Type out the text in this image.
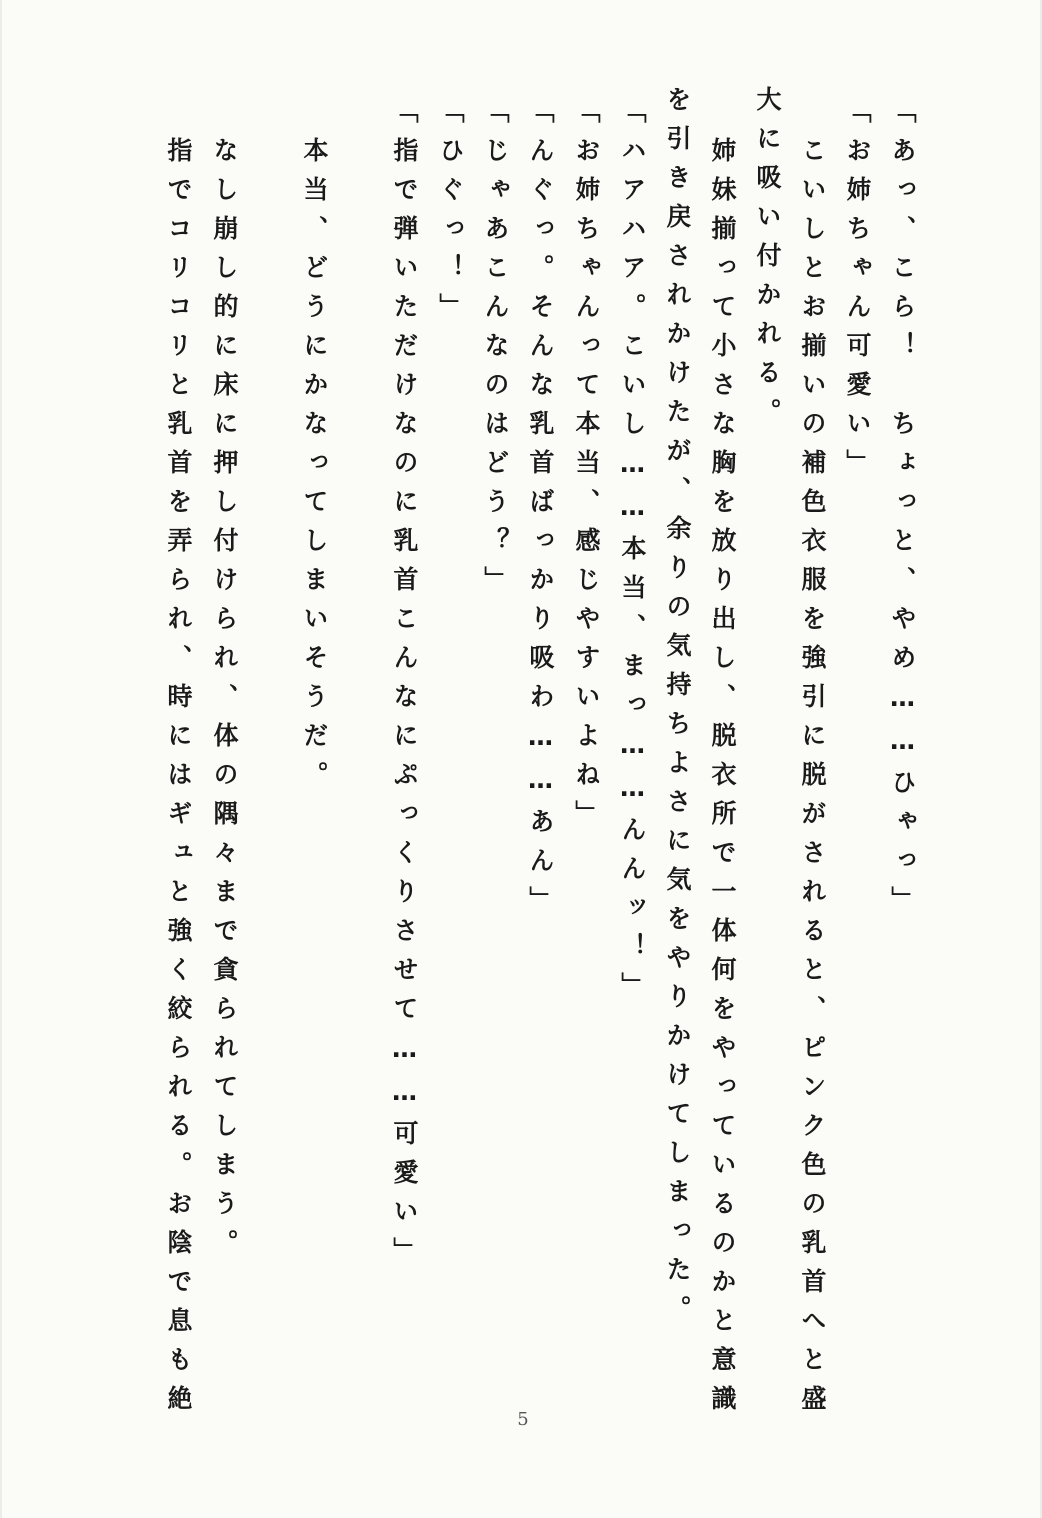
「あっ、こら！　ちょっと、やめ……ひゃっ」
「お姉ちゃん可愛い」
　こいしとお揃いの補色衣服を強引に脱がされると、ピンク色の乳首へと盛
大に吸い付かれる。
　姉妹揃って小さな胸を放り出し、脱衣所で一体何をやっているのかと意識
を引き戻されかけたが、余りの気持ちよさに気をやりかけてしまった。
「ハアハア。こいし……本当、まっ……んんッ！」
「お姉ちゃんって本当、感じやすいよね」
「んぐっ。そんな乳首ばっかり吸わ……あん」
「じゃあこんなのはどう？」
「ひぐっ！」
「指で弾いただけなのに乳首こんなにぷっくりさせて……可愛い」
　本当、どうにかなってしまいそうだ。
　なし崩し的に床に押し付けられ、体の隅々まで貪られてしまう。
　指でコリコリと乳首を弄られ、時にはギュと強く絞られる。お陰で息も絶	5
